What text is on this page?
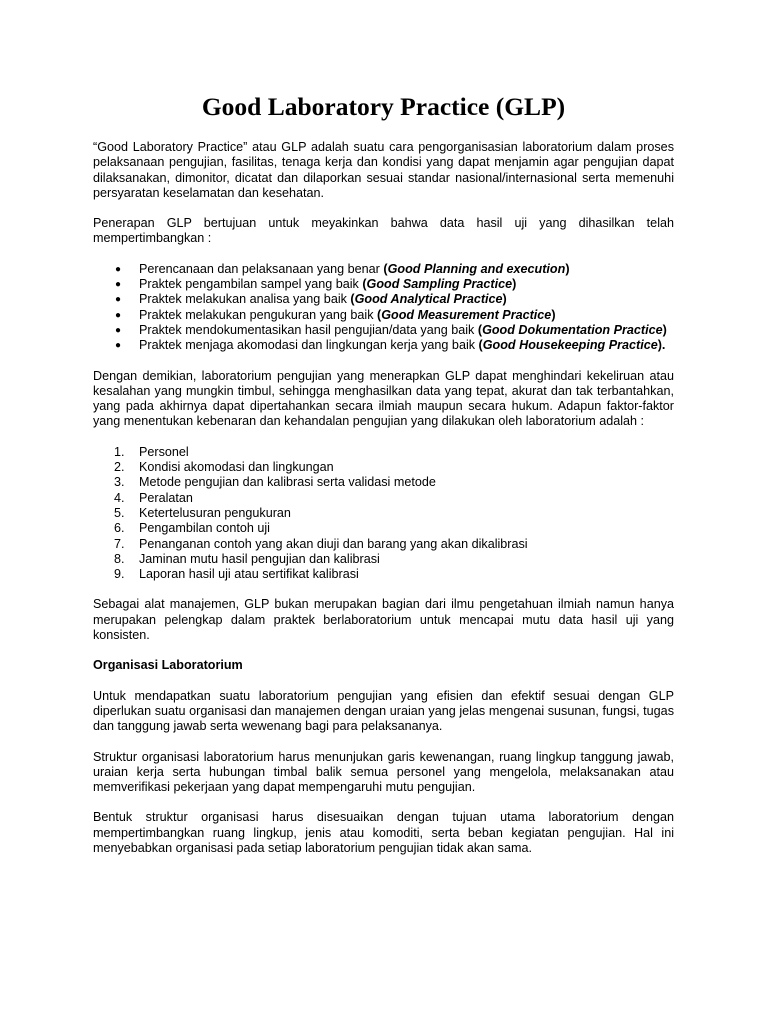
Good Laboratory Practice (GLP)

“Good Laboratory Practice” atau GLP adalah suatu cara pengorganisasian laboratorium dalam proses pelaksanaan pengujian, fasilitas, tenaga kerja dan kondisi yang dapat menjamin agar pengujian dapat dilaksanakan, dimonitor, dicatat dan dilaporkan sesuai standar nasional/internasional serta memenuhi persyaratan keselamatan dan kesehatan.

Penerapan GLP bertujuan untuk meyakinkan bahwa data hasil uji yang dihasilkan telah mempertimbangkan :

● Perencanaan dan pelaksanaan yang benar (Good Planning and execution)
● Praktek pengambilan sampel yang baik (Good Sampling Practice)
● Praktek melakukan analisa yang baik (Good Analytical Practice)
● Praktek melakukan pengukuran yang baik (Good Measurement Practice)
● Praktek mendokumentasikan hasil pengujian/data yang baik (Good Dokumentation Practice)
● Praktek menjaga akomodasi dan lingkungan kerja yang baik (Good Housekeeping Practice).

Dengan demikian, laboratorium pengujian yang menerapkan GLP dapat menghindari kekeliruan atau kesalahan yang mungkin timbul, sehingga menghasilkan data yang tepat, akurat dan tak terbantahkan, yang pada akhirnya dapat dipertahankan secara ilmiah maupun secara hukum. Adapun faktor-faktor yang menentukan kebenaran dan kehandalan pengujian yang dilakukan oleh laboratorium adalah :

1. Personel
2. Kondisi akomodasi dan lingkungan
3. Metode pengujian dan kalibrasi serta validasi metode
4. Peralatan
5. Ketertelusuran pengukuran
6. Pengambilan contoh uji
7. Penanganan contoh yang akan diuji dan barang yang akan dikalibrasi
8. Jaminan mutu hasil pengujian dan kalibrasi
9. Laporan hasil uji atau sertifikat kalibrasi

Sebagai alat manajemen, GLP bukan merupakan bagian dari ilmu pengetahuan ilmiah namun hanya merupakan pelengkap dalam praktek berlaboratorium untuk mencapai mutu data hasil uji yang konsisten.

Organisasi Laboratorium

Untuk mendapatkan suatu laboratorium pengujian yang efisien dan efektif sesuai dengan GLP diperlukan suatu organisasi dan manajemen dengan uraian yang jelas mengenai susunan, fungsi, tugas dan tanggung jawab serta wewenang bagi para pelaksananya.

Struktur organisasi laboratorium harus menunjukan garis kewenangan, ruang lingkup tanggung jawab, uraian kerja serta hubungan timbal balik semua personel yang mengelola, melaksanakan atau memverifikasi pekerjaan yang dapat mempengaruhi mutu pengujian.

Bentuk struktur organisasi harus disesuaikan dengan tujuan utama laboratorium dengan mempertimbangkan ruang lingkup, jenis atau komoditi, serta beban kegiatan pengujian. Hal ini menyebabkan organisasi pada setiap laboratorium pengujian tidak akan sama.
